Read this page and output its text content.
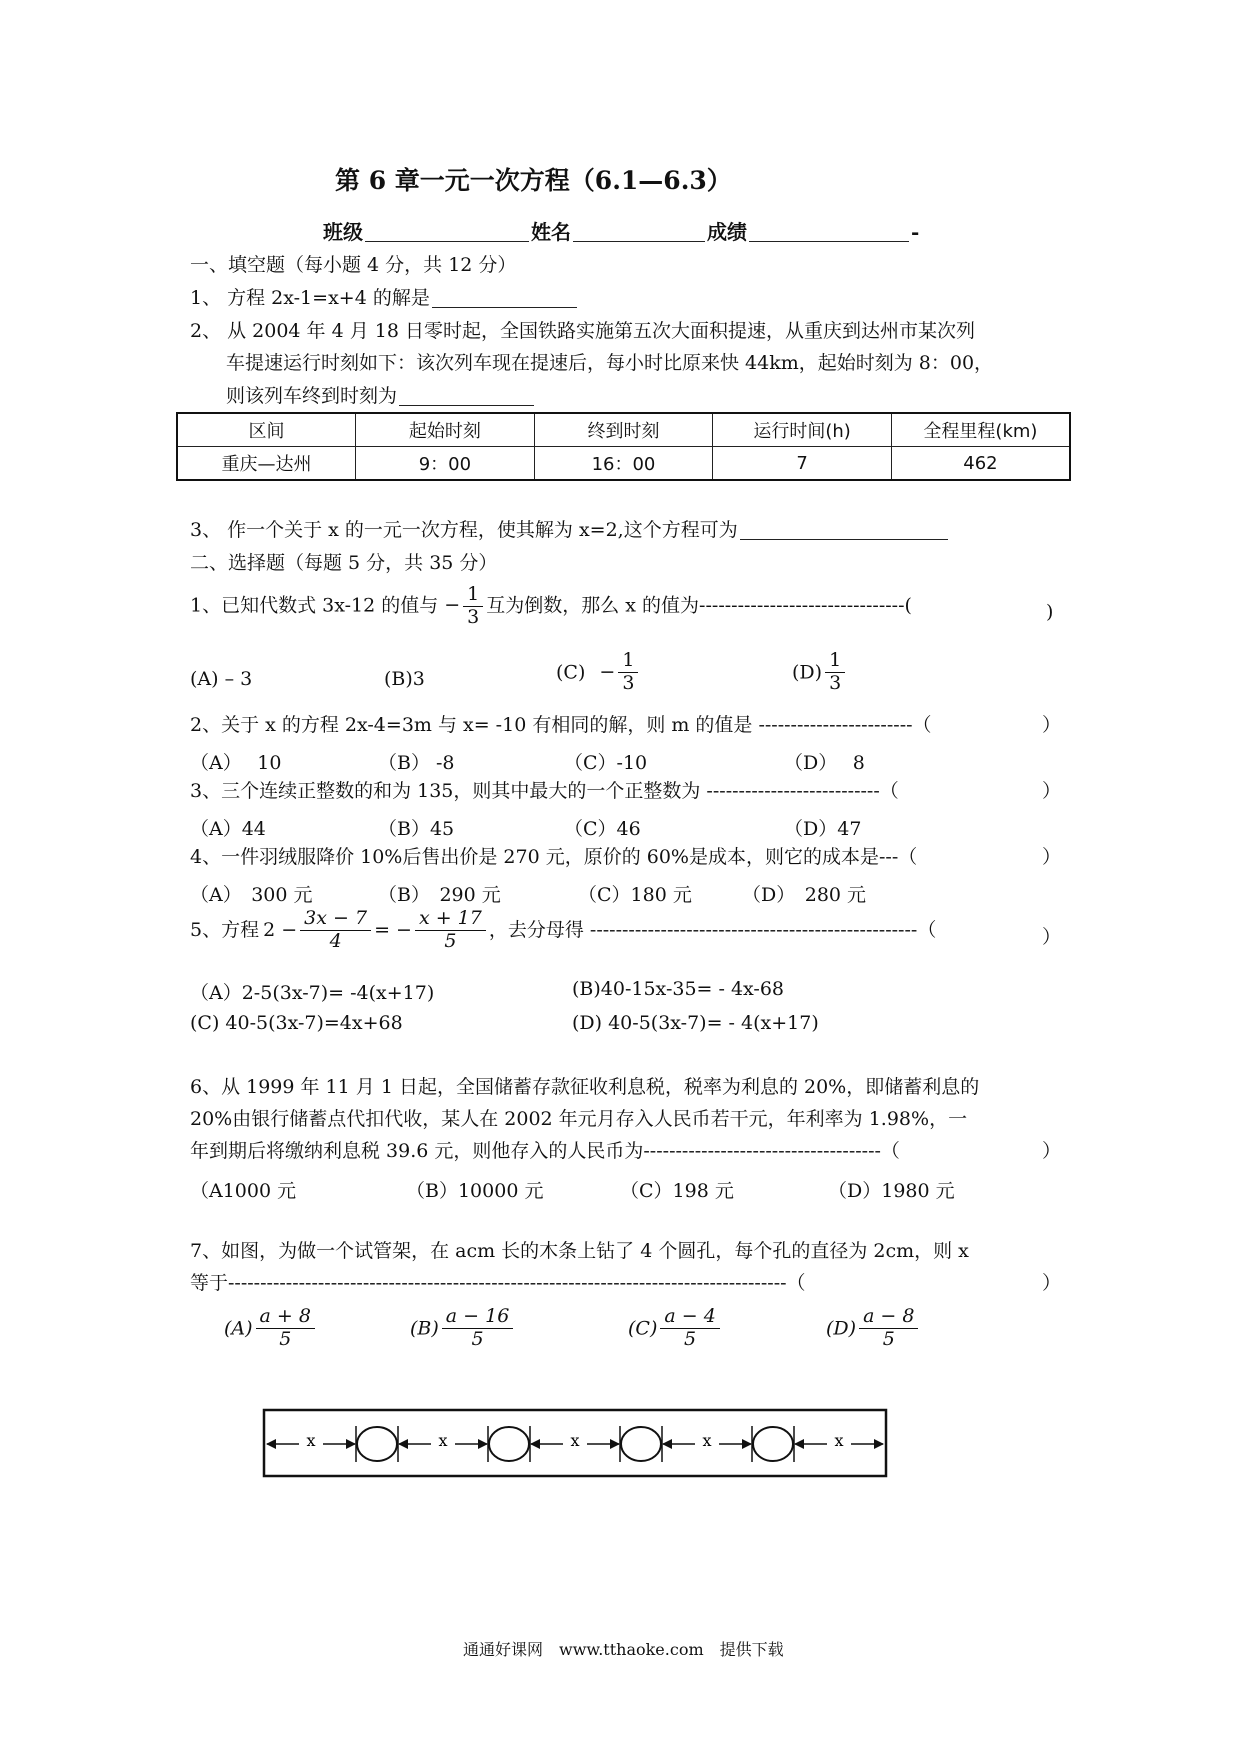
第 6 章一元一次方程（6.1—6.3）
班级	姓名	成绩	-
一、填空题（每小题 4 分，共 12 分）
1、 方程 2x-1=x+4 的解是
2、 从 2004 年 4 月 18 日零时起，全国铁路实施第五次大面积提速，从重庆到达州市某次列
车提速运行时刻如下：该次列车现在提速后，每小时比原来快 44km，起始时刻为 8：00，
则该列车终到时刻为
区间	起始时刻	终到时刻	运行时间(h)	全程里程(km)
重庆—达州	9：00	16：00	7	462
3、 作一个关于 x 的一元一次方程，使其解为 x=2,这个方程可为
二、选择题（每题 5 分，共 35 分）
1、已知代数式 3x-12 的值与 − $\frac{1}{3}$ 互为倒数，那么 x 的值为--------------------------------(	)
(A) – 3	(B)3	$(C) - \frac{1}{3}$	$(D) \frac{1}{3}$
2、关于 x 的方程 2x-4=3m 与 x= -10 有相同的解，则 m 的值是 ------------------------（	）
（A）　 10	（B） -8	（C）-10	（D）　 8
3、三个连续正整数的和为 135，则其中最大的一个正整数为 ---------------------------（	）
（A）44	（B）45	（C）46	（D）47
4、一件羽绒服降价 10%后售出价是 270 元，原价的 60%是成本，则它的成本是---（	）
（A）　300 元	（B）　290 元	（C）180 元	（D）　280 元
5、方程 $2 - \frac{3x - 7}{4}$ = − $\frac{x + 17}{5}$ ，去分母得 ---------------------------------------------------（	）
（A）2-5(3x-7)= -4(x+17)	(B)40-15x-35= - 4x-68
(C) 40-5(3x-7)=4x+68	(D) 40-5(3x-7)= - 4(x+17)
6、从 1999 年 11 月 1 日起，全国储蓄存款征收利息税，税率为利息的 20%，即储蓄利息的
20%由银行储蓄点代扣代收，某人在 2002 年元月存入人民币若干元，年利率为 1.98%，一
年到期后将缴纳利息税 39.6 元，则他存入的人民币为-------------------------------------（	）
（A1000 元	（B）10000 元	（C）198 元	（D）1980 元
7、如图，为做一个试管架，在 acm 长的木条上钻了 4 个圆孔，每个孔的直径为 2cm，则 x
等于---------------------------------------------------------------------------------------（	）
$(A) \frac{a + 8}{5}$	$(B) \frac{a - 16}{5}$	$(C) \frac{a - 4}{5}$	$(D) \frac{a - 8}{5}$
x	x	x	x	x
通通好课网　www.tthaoke.com　提供下载
